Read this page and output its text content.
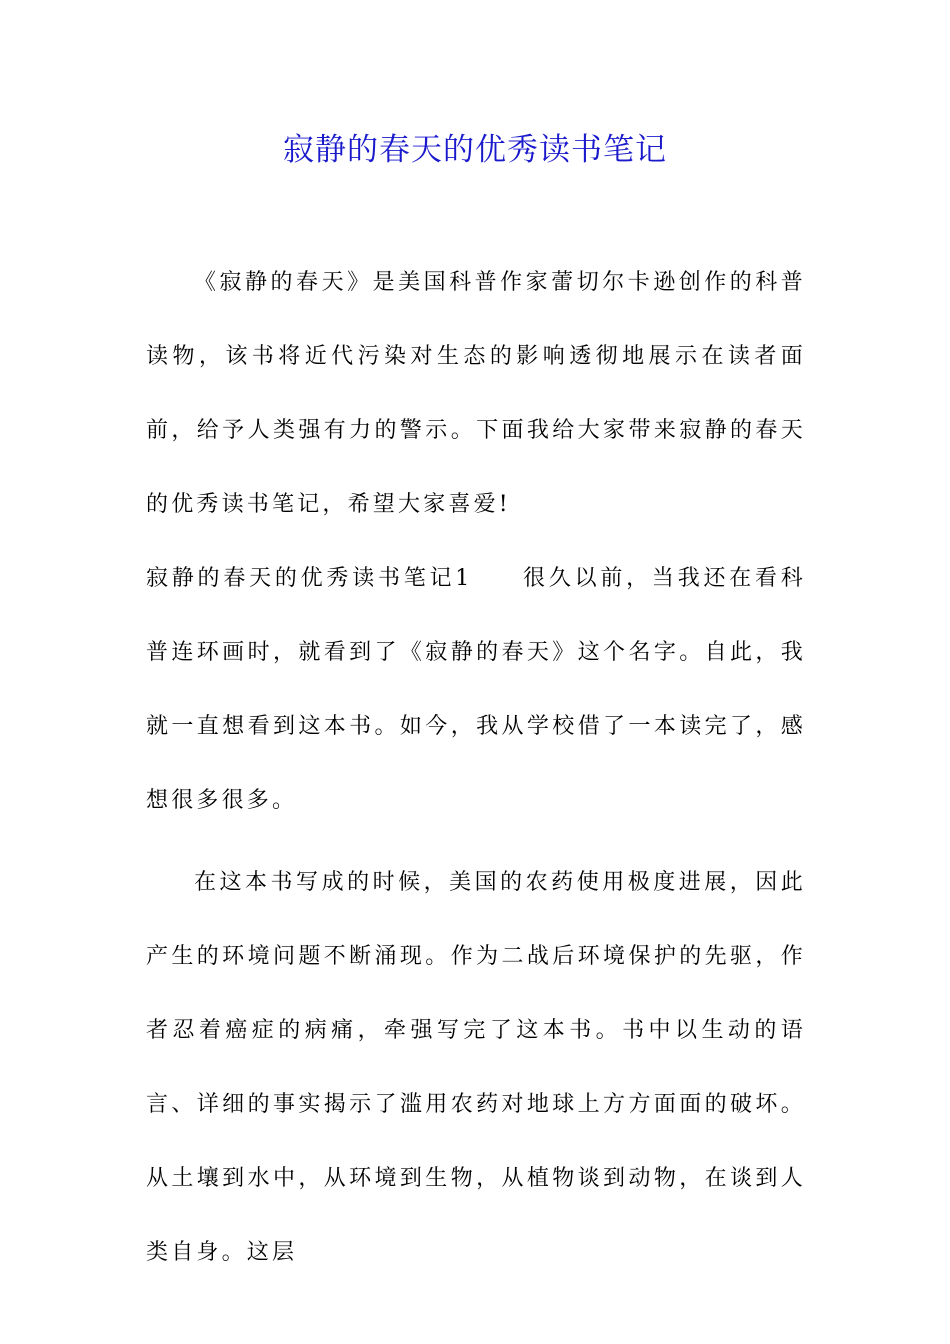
寂静的春天的优秀读书笔记

《寂静的春天》是美国科普作家蕾切尔卡逊创作的科普读物，该书将近代污染对生态的影响透彻地展示在读者面前，给予人类强有力的警示。下面我给大家带来寂静的春天的优秀读书笔记，希望大家喜爱!

寂静的春天的优秀读书笔记1 很久以前，当我还在看科普连环画时，就看到了《寂静的春天》这个名字。自此，我就一直想看到这本书。如今，我从学校借了一本读完了，感想很多很多。

在这本书写成的时候，美国的农药使用极度进展，因此产生的环境问题不断涌现。作为二战后环境保护的先驱，作者忍着癌症的病痛，牵强写完了这本书。书中以生动的语言、详细的事实揭示了滥用农药对地球上方方面面的破坏。从土壤到水中，从环境到生物，从植物谈到动物，在谈到人类自身。这层
